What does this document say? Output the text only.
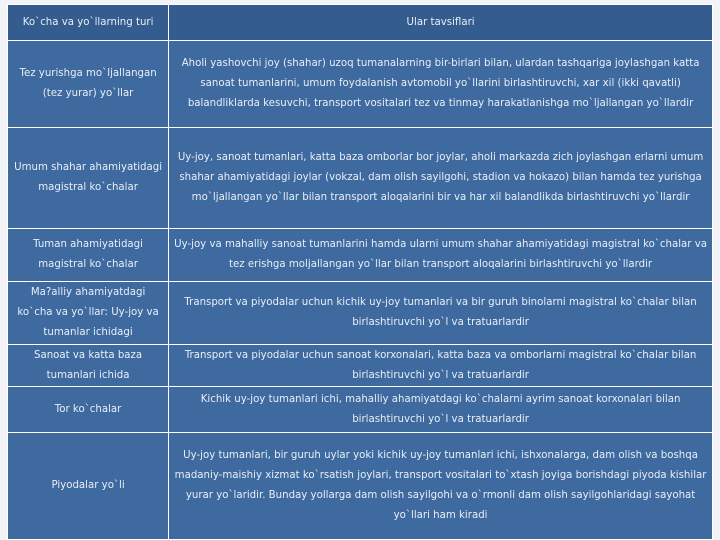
Ko`cha va yo`llarning turi	Ular tavsiflari
Tez yurishga mo`ljallangan (tez yurar) yo`llar	Aholi yashovchi joy (shahar) uzoq tumanalarning bir-birlari bilan, ulardan tashqariga joylashgan katta sanoat tumanlarini, umum foydalanish avtomobil yo`llarini birlashtiruvchi, xar xil (ikki qavatli) balandliklarda kesuvchi, transport vositalari tez va tinmay harakatlanishga mo`ljallangan yo`llardir
Umum shahar ahamiyatidagi magistral ko`chalar	Uy-joy, sanoat tumanlari, katta baza omborlar bor joylar, aholi markazda zich joylashgan erlarni umum shahar ahamiyatidagi joylar (vokzal, dam olish sayilgohi, stadion va hokazo) bilan hamda tez yurishga mo`ljallangan yo`llar bilan transport aloqalarini bir va har xil balandlikda birlashtiruvchi yo`llardir
Tuman ahamiyatidagi magistral ko`chalar	Uy-joy va mahalliy sanoat tumanlarini hamda ularni umum shahar ahamiyatidagi magistral ko`chalar va tez erishga moljallangan yo`llar bilan transport aloqalarini birlashtiruvchi yo`llardir
Ma?alliy ahamiyatdagi ko`cha va yo`llar: Uy-joy va tumanlar ichidagi	Transport va piyodalar uchun kichik uy-joy tumanlari va bir guruh binolarni magistral ko`chalar bilan birlashtiruvchi yo`l va tratuarlardir
Sanoat va katta baza tumanlari ichida	Transport va piyodalar uchun sanoat korxonalari, katta baza va omborlarni magistral ko`chalar bilan birlashtiruvchi yo`l va tratuarlardir
Tor ko`chalar	Kichik uy-joy tumanlari ichi, mahalliy ahamiyatdagi ko`chalarni ayrim sanoat korxonalari bilan birlashtiruvchi yo`l va tratuarlardir
Piyodalar yo`li	Uy-joy tumanlari, bir guruh uylar yoki kichik uy-joy tumanlari ichi, ishxonalarga, dam olish va boshqa madaniy-maishiy xizmat ko`rsatish joylari, transport vositalari to`xtash joyiga borishdagi piyoda kishilar yurar yo`laridir. Bunday yollarga dam olish sayilgohi va o`rmonli dam olish sayilgohlaridagi sayohat yo`llari ham kiradi
